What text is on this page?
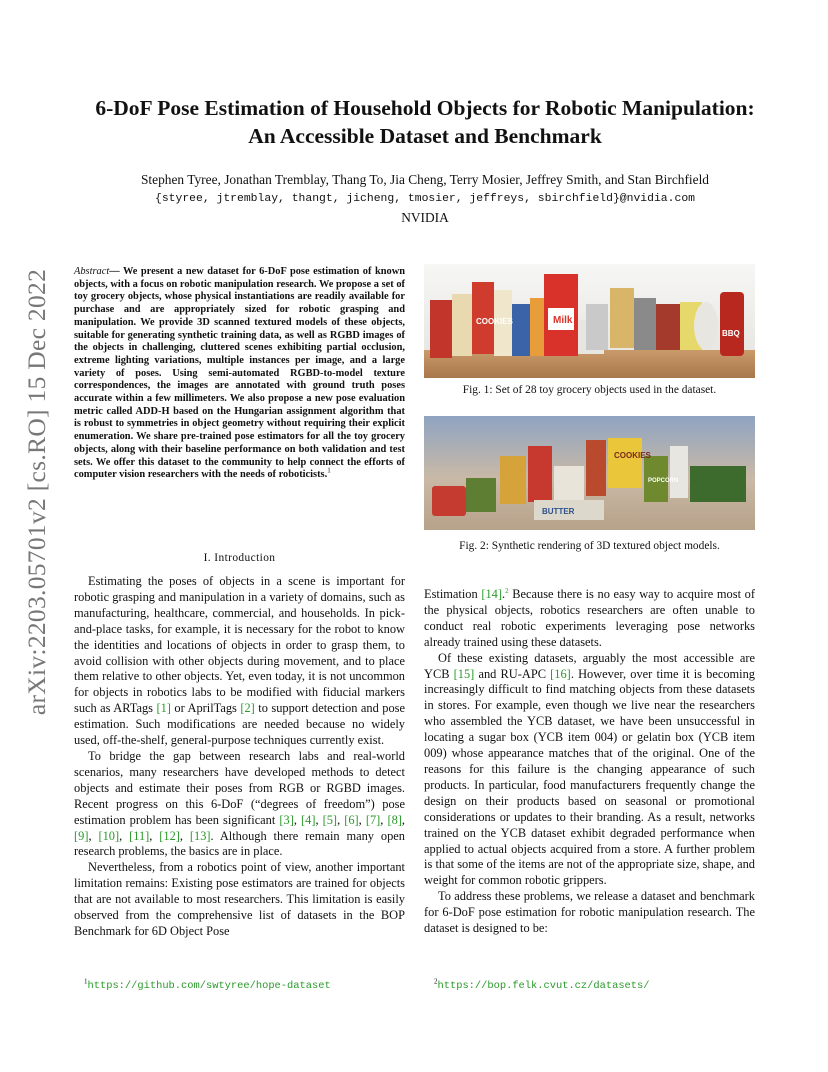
arXiv:2203.05701v2 [cs.RO] 15 Dec 2022
6-DoF Pose Estimation of Household Objects for Robotic Manipulation:
An Accessible Dataset and Benchmark
Stephen Tyree, Jonathan Tremblay, Thang To, Jia Cheng, Terry Mosier, Jeffrey Smith, and Stan Birchfield
{styree, jtremblay, thangt, jicheng, tmosier, jeffreys, sbirchfield}@nvidia.com
NVIDIA
Abstract— We present a new dataset for 6-DoF pose estimation of known objects, with a focus on robotic manipulation research. We propose a set of toy grocery objects, whose physical instantiations are readily available for purchase and are appropriately sized for robotic grasping and manipulation. We provide 3D scanned textured models of these objects, suitable for generating synthetic training data, as well as RGBD images of the objects in challenging, cluttered scenes exhibiting partial occlusion, extreme lighting variations, multiple instances per image, and a large variety of poses. Using semi-automated RGBD-to-model texture correspondences, the images are annotated with ground truth poses accurate within a few millimeters. We also propose a new pose evaluation metric called ADD-H based on the Hungarian assignment algorithm that is robust to symmetries in object geometry without requiring their explicit enumeration. We share pre-trained pose estimators for all the toy grocery objects, along with their baseline performance on both validation and test sets. We offer this dataset to the community to help connect the efforts of computer vision researchers with the needs of roboticists.$^1$
I. Introduction

Estimating the poses of objects in a scene is important for robotic grasping and manipulation in a variety of domains, such as manufacturing, healthcare, commercial, and households. In pick-and-place tasks, for example, it is necessary for the robot to know the identities and locations of objects in order to grasp them, to avoid collision with other objects during movement, and to place them relative to other objects. Yet, even today, it is not uncommon for objects in robotics labs to be modified with fiducial markers such as ARTags [1] or AprilTags [2] to support detection and pose estimation. Such modifications are needed because no widely used, off-the-shelf, general-purpose techniques currently exist.

To bridge the gap between research labs and real-world scenarios, many researchers have developed methods to detect objects and estimate their poses from RGB or RGBD images. Recent progress on this 6-DoF (“degrees of freedom”) pose estimation problem has been significant [3], [4], [5], [6], [7], [8], [9], [10], [11], [12], [13]. Although there remain many open research problems, the basics are in place.

Nevertheless, from a robotics point of view, another important limitation remains: Existing pose estimators are trained for objects that are not available to most researchers. This limitation is easily observed from the comprehensive list of datasets in the BOP Benchmark for 6D Object Pose

COOKIES	Milk
BBQ
Fig. 1: Set of 28 toy grocery objects used in the dataset.
COOKIES
BUTTER
POPCORN
Fig. 2: Synthetic rendering of 3D textured object models.

Estimation [14].$^2$ Because there is no easy way to acquire most of the physical objects, robotics researchers are often unable to conduct real robotic experiments leveraging pose networks already trained using these datasets.

Of these existing datasets, arguably the most accessible are YCB [15] and RU-APC [16]. However, over time it is becoming increasingly difficult to find matching objects from these datasets in stores. For example, even though we live near the researchers who assembled the YCB dataset, we have been unsuccessful in locating a sugar box (YCB item 004) or gelatin box (YCB item 009) whose appearance matches that of the original. One of the reasons for this failure is the changing appearance of such products. In particular, food manufacturers frequently change the design on their products based on seasonal or promotional considerations or updates to their branding. As a result, networks trained on the YCB dataset exhibit degraded performance when applied to actual objects acquired from a store. A further problem is that some of the items are not of the appropriate size, shape, and weight for common robotic grippers.

To address these problems, we release a dataset and benchmark for 6-DoF pose estimation for robotic manipulation research. The dataset is designed to be:

$^1$https://github.com/swtyree/hope-dataset	$^2$https://bop.felk.cvut.cz/datasets/
